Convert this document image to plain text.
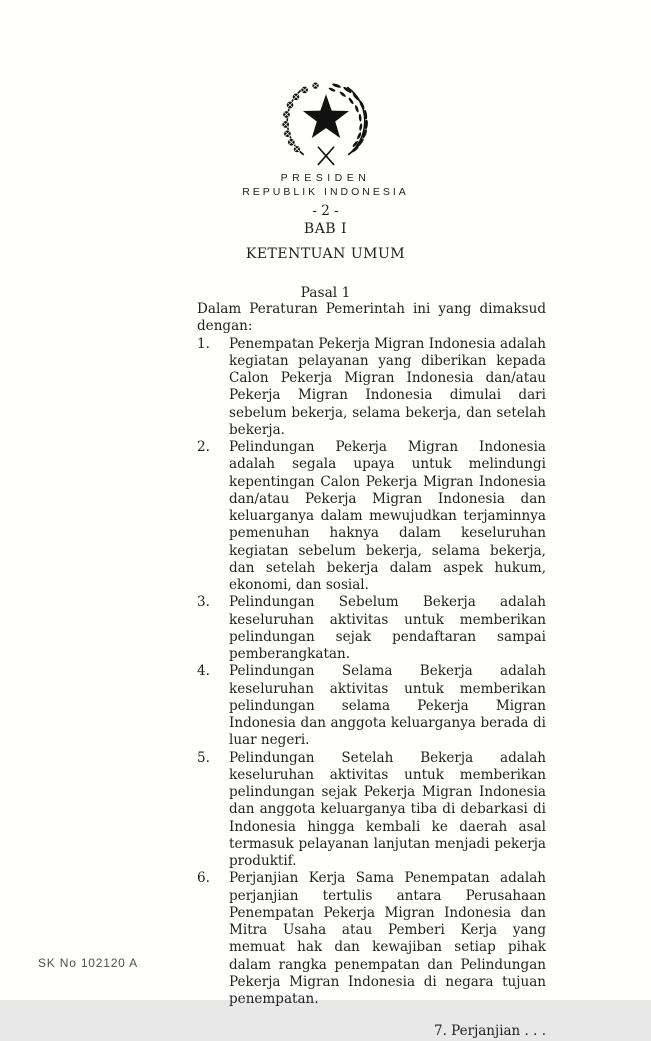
PRESIDEN
REPUBLIK INDONESIA
- 2 -
BAB I
KETENTUAN UMUM
Pasal 1

Dalam Peraturan Pemerintah ini yang dimaksud dengan:

1.	Penempatan Pekerja Migran Indonesia adalah kegiatan pelayanan yang diberikan kepada Calon Pekerja Migran Indonesia dan/atau Pekerja Migran Indonesia dimulai dari sebelum bekerja, selama bekerja, dan setelah bekerja.
2.	Pelindungan Pekerja Migran Indonesia adalah segala upaya untuk melindungi kepentingan Calon Pekerja Migran Indonesia dan/atau Pekerja Migran Indonesia dan keluarganya dalam mewujudkan terjaminnya pemenuhan haknya dalam keseluruhan kegiatan sebelum bekerja, selama bekerja, dan setelah bekerja dalam aspek hukum, ekonomi, dan sosial.
3.	Pelindungan Sebelum Bekerja adalah keseluruhan aktivitas untuk memberikan pelindungan sejak pendaftaran sampai pemberangkatan.
4.	Pelindungan Selama Bekerja adalah keseluruhan aktivitas untuk memberikan pelindungan selama Pekerja Migran Indonesia dan anggota keluarganya berada di luar negeri.
5.	Pelindungan Setelah Bekerja adalah keseluruhan aktivitas untuk memberikan pelindungan sejak Pekerja Migran Indonesia dan anggota keluarganya tiba di debarkasi di Indonesia hingga kembali ke daerah asal termasuk pelayanan lanjutan menjadi pekerja produktif.
6.	Perjanjian Kerja Sama Penempatan adalah perjanjian tertulis antara Perusahaan Penempatan Pekerja Migran Indonesia dan Mitra Usaha atau Pemberi Kerja yang memuat hak dan kewajiban setiap pihak dalam rangka penempatan dan Pelindungan Pekerja Migran Indonesia di negara tujuan penempatan.
7. Perjanjian . . .
SK No 102120 A
